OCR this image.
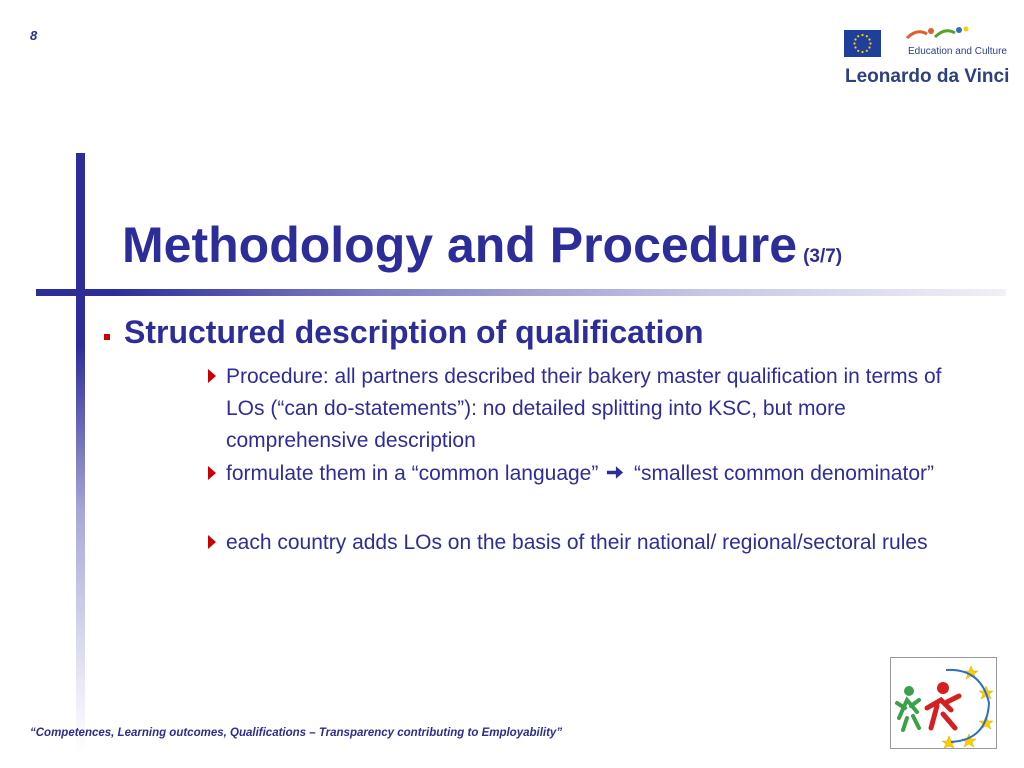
8
Education and Culture
Leonardo da Vinci
Methodology and Procedure (3/7)
Structured description of qualification
Procedure: all partners described their bakery master qualification in terms of LOs (“can do-statements”): no detailed splitting into KSC, but more comprehensive description
formulate them in a “common language” “smallest common denominator”
each country adds LOs on the basis of their national/ regional/sectoral rules
“Competences, Learning outcomes, Qualifications – Transparency contributing to Employability”
